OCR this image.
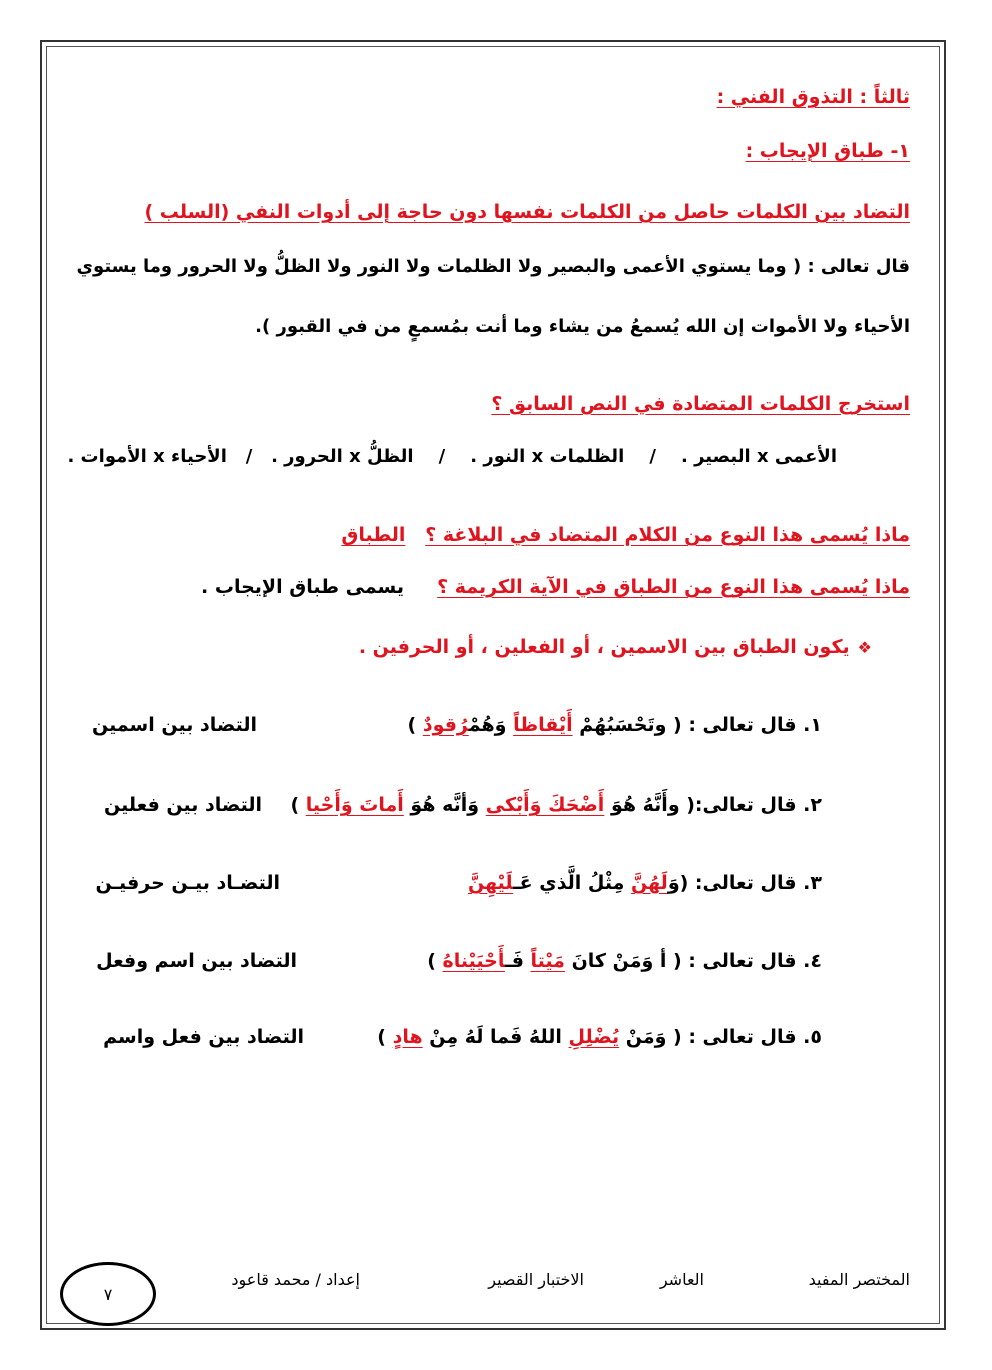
ثالثاً : التذوق الفني :
١- طباق الإيجاب :
التضاد بين الكلمات حاصل من الكلمات نفسها دون حاجة إلى أدوات النفي (السلب )
قال تعالى : ( وما يستوي الأعمى والبصير ولا الظلمات ولا النور ولا الظلُّ ولا الحرور وما يستوي
الأحياء ولا الأموات إن الله يُسمعُ من يشاء وما أنت بمُسمعٍ من في القبور ).
استخرج الكلمات المتضادة في النص السابق ؟
الأعمى x البصير .    /    الظلمات x النور .    /    الظلُّ x الحرور .   /   الأحياء x الأموات .
ماذا يُسمى هذا النوع من الكلام المتضاد في البلاغة ؟   الطباق
ماذا يُسمى هذا النوع من الطباق في الآية الكريمة ؟     يسمى طباق الإيجاب .
❖يكون الطباق بين الاسمين ، أو الفعلين ، أو الحرفين .
١. قال تعالى : ( وتَحْسَبُهُمْ أَيْقاظاً وَهُمْرُقودٌ )
التضاد بين اسمين
٢. قال تعالى:( وأَنَّهُ هُوَ أَضْحَكَ وَأَبْكى وَأنَّه هُوَ أَماتَ وَأَحْيا )
التضاد بين فعلين
٣. قال تعالى: (وَلَهُنَّ مِثْلُ الَّذي عَـلَيْهِنَّ
التضـاد بيـن حرفيـن
٤. قال تعالى : ( أ وَمَنْ كانَ مَيْتاً فَـأَحْيَيْناهُ )
التضاد بين اسم وفعل
٥. قال تعالى : ( وَمَنْ يُضْلِلِ اللهُ فَما لَهُ مِنْ هادٍ )
التضاد بين فعل واسم
المختصر المفيد
العاشر
الاختبار القصير
إعداد / محمد قاعود
٧
